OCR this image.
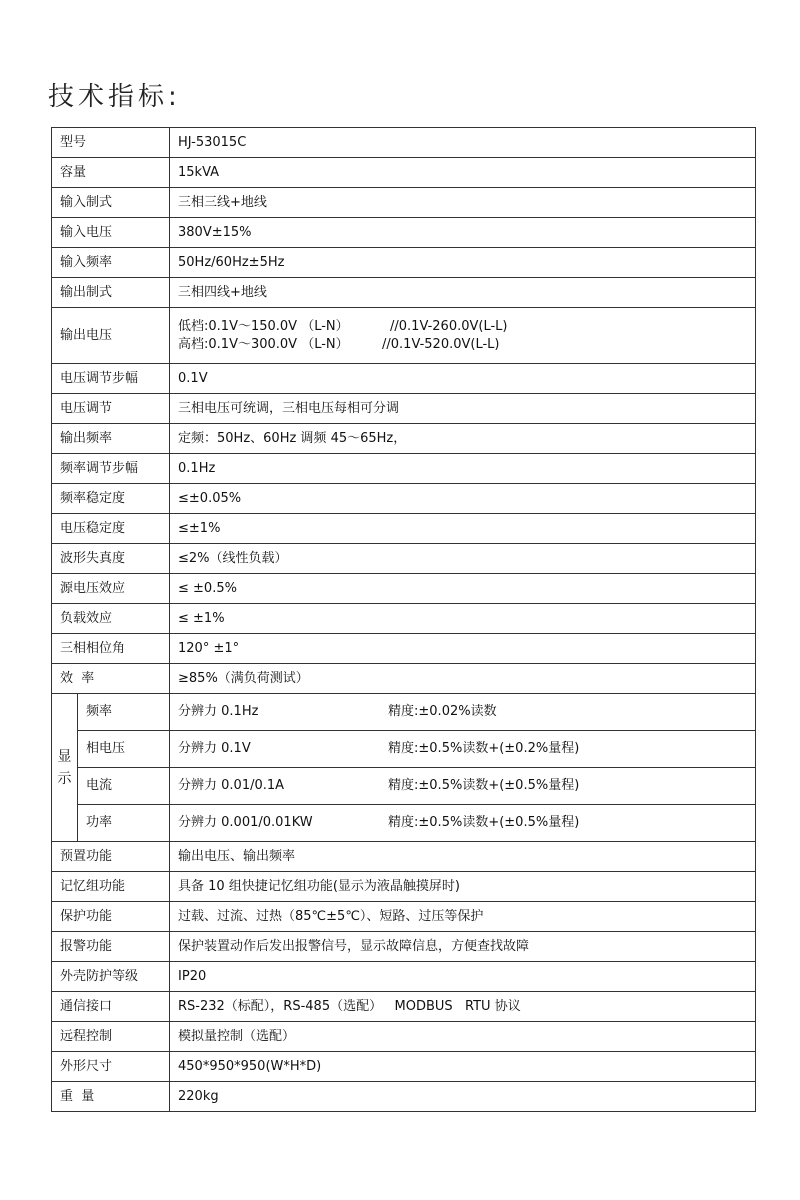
技术指标:
型号		HJ-53015C
容量		15kVA
输入制式		三相三线+地线
输入电压		380V±15%
输入频率		50Hz/60Hz±5Hz
输出制式		三相四线+地线
输出电压		低档:0.1V～150.0V （L-N） //0.1V-260.0V(L-L)
高档:0.1V～300.0V （L-N） //0.1V-520.0V(L-L)

电压调节步幅		0.1V
电压调节		三相电压可统调，三相电压每相可分调
输出频率		定频：50Hz、60Hz 调频 45～65Hz，
频率调节步幅		0.1Hz
频率稳定度		≤±0.05%
电压稳定度		≤±1%
波形失真度		≤2%（线性负载）
源电压效应		≤ ±0.5%
负载效应		≤ ±1%
三相相位角		120° ±1°
效  率		≥85%（满负荷测试）

显
示	频率	分辨力 0.1Hz 精度:±0.02%读数
	相电压	分辨力 0.1V 精度:±0.5%读数+(±0.2%量程)
	电流	分辨力 0.01/0.1A 精度:±0.5%读数+(±0.5%量程)
	功率	分辨力 0.001/0.01KW 精度:±0.5%读数+(±0.5%量程)
预置功能		输出电压、输出频率
记忆组功能		具备 10 组快捷记忆组功能(显示为液晶触摸屏时)
保护功能		过载、过流、过热（85℃±5℃）、短路、过压等保护
报警功能		保护装置动作后发出报警信号，显示故障信息，方便查找故障
外壳防护等级		IP20
通信接口		RS-232（标配），RS-485（选配）   MODBUS   RTU 协议
远程控制		模拟量控制（选配）
外形尺寸		450*950*950(W*H*D)
重  量		220kg
